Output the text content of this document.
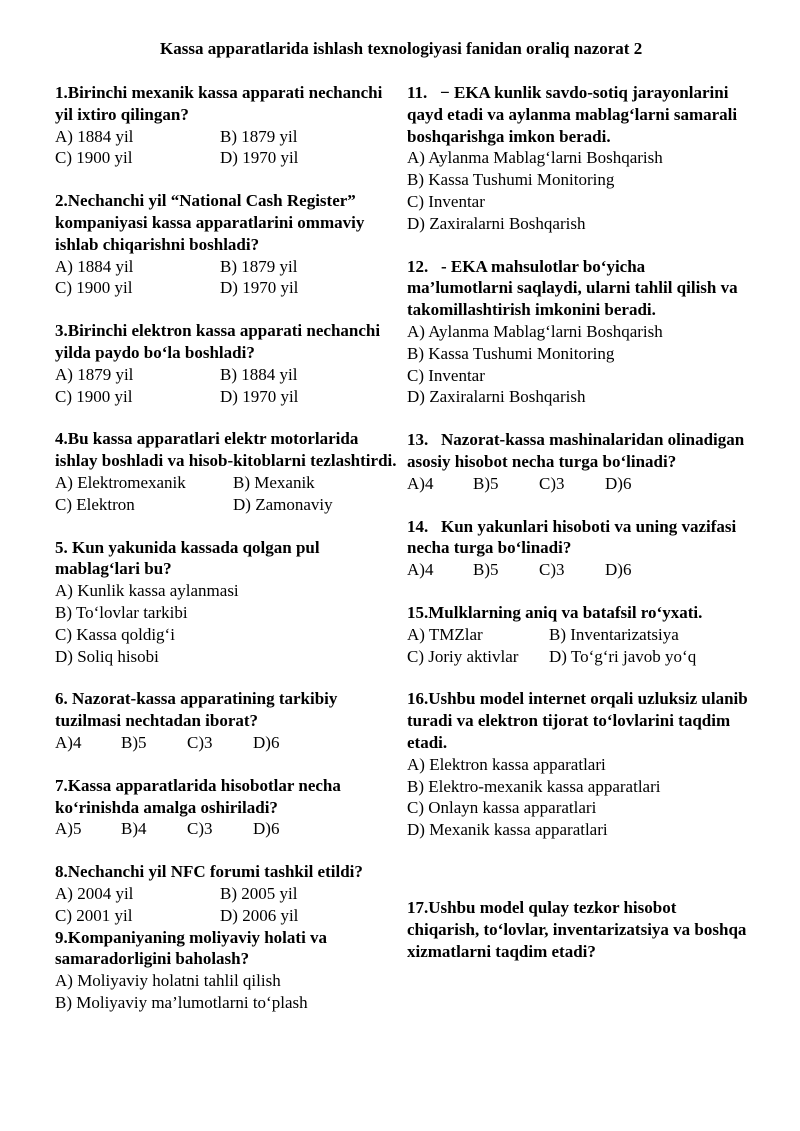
Kassa apparatlarida ishlash texnologiyasi fanidan oraliq nazorat 2

1.Birinchi mexanik kassa apparati nechanchi yil ixtiro qilingan?

A) 1884 yil	B) 1879 yil

C) 1900 yil	D) 1970 yil

2.Nechanchi yil “National Cash Register” kompaniyasi kassa apparatlarini ommaviy ishlab chiqarishni boshladi?

A) 1884 yil	B) 1879 yil

C) 1900 yil	D) 1970 yil

3.Birinchi elektron kassa apparati nechanchi yilda paydo bo‘la boshladi?

A) 1879 yil	B) 1884 yil

C) 1900 yil	D) 1970 yil

4.Bu kassa apparatlari elektr motorlarida ishlay boshladi va hisob-kitoblarni tezlashtirdi.

A) Elektromexanik	B) Mexanik

C) Elektron	D) Zamonaviy

5. Kun yakunida kassada qolgan pul mablag‘lari bu?

A) Kunlik kassa aylanmasi

B) To‘lovlar tarkibi

C) Kassa qoldig‘i

D) Soliq hisobi

6. Nazorat-kassa apparatining tarkibiy tuzilmasi nechtadan iborat?

A)4	B)5	C)3	D)6

7.Kassa apparatlarida hisobotlar necha ko‘rinishda amalga oshiriladi?

A)5	B)4	C)3	D)6

8.Nechanchi yil NFC forumi tashkil etildi?

A) 2004 yil	B) 2005 yil

C) 2001 yil	D) 2006 yil

9.Kompaniyaning moliyaviy holati va samaradorligini baholash?

A) Moliyaviy holatni tahlil qilish

B) Moliyaviy ma’lumotlarni to‘plash

11.   − EKA kunlik savdo-sotiq jarayonlarini qayd etadi va aylanma mablag‘larni samarali boshqarishga imkon beradi.

A) Aylanma Mablag‘larni Boshqarish

B) Kassa Tushumi Monitoring

C) Inventar

D) Zaxiralarni Boshqarish

12.   - EKA mahsulotlar bo‘yicha ma’lumotlarni saqlaydi, ularni tahlil qilish va takomillashtirish imkonini beradi.

A) Aylanma Mablag‘larni Boshqarish

B) Kassa Tushumi Monitoring

C) Inventar

D) Zaxiralarni Boshqarish

13.   Nazorat-kassa mashinalaridan olinadigan asosiy hisobot necha turga bo‘linadi?

A)4	B)5	C)3	D)6

14.   Kun yakunlari hisoboti va uning vazifasi necha turga bo‘linadi?

A)4	B)5	C)3	D)6

15.Mulklarning aniq va batafsil ro‘yxati.

A) TMZlar	B) Inventarizatsiya

C) Joriy aktivlar	D) To‘g‘ri javob yo‘q

16.Ushbu model internet orqali uzluksiz ulanib turadi va elektron tijorat to‘lovlarini taqdim etadi.

A) Elektron kassa apparatlari

B) Elektro-mexanik kassa apparatlari

C) Onlayn kassa apparatlari

D) Mexanik kassa apparatlari

17.Ushbu model qulay tezkor hisobot chiqarish, to‘lovlar, inventarizatsiya va boshqa xizmatlarni taqdim etadi?
